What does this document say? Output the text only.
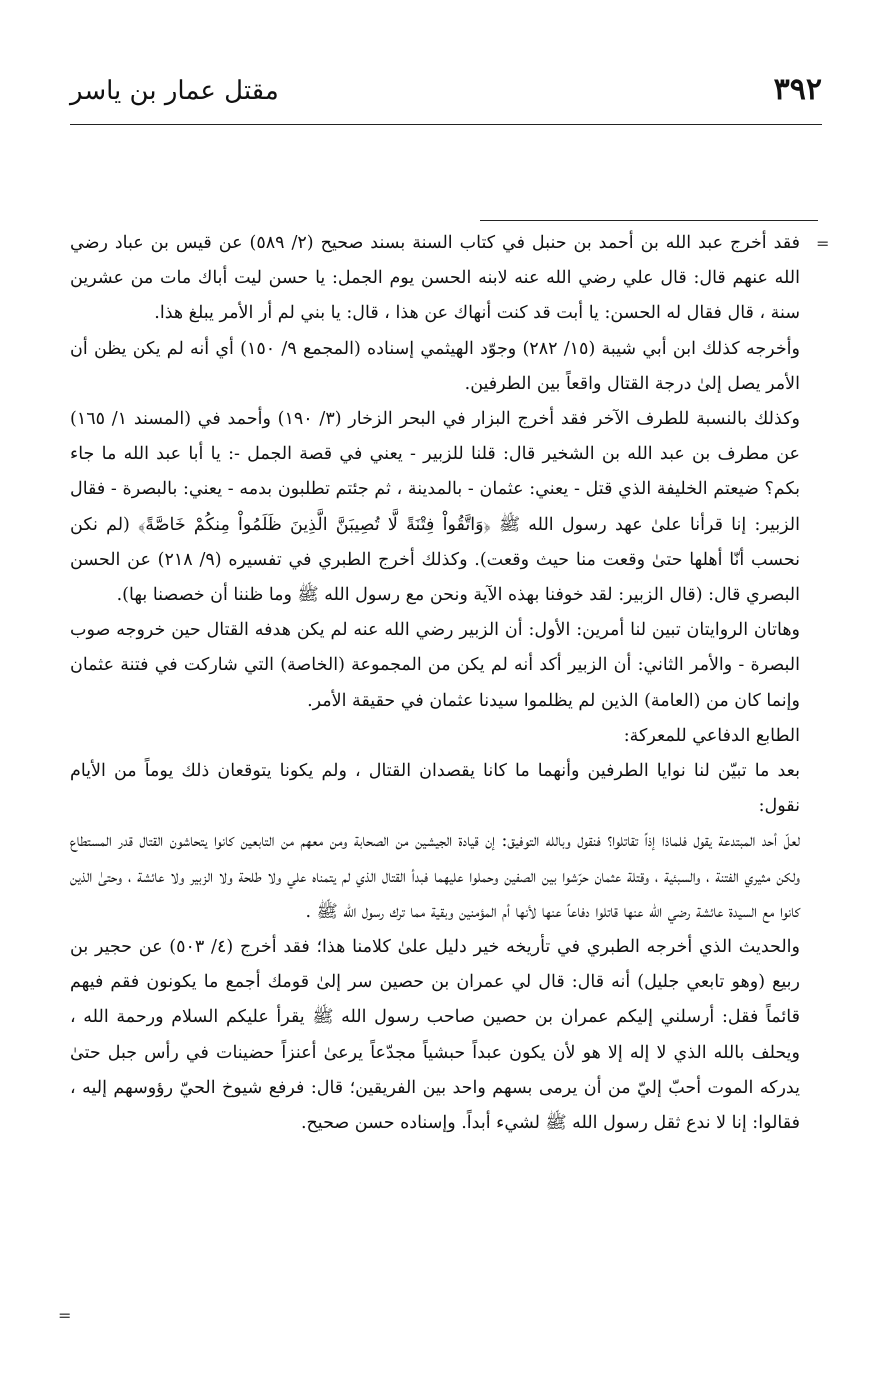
٣٩٢
مقتل عمار بن ياسر
=
=

فقد أخرج عبد الله بن أحمد بن حنبل في كتاب السنة بسند صحيح (٢/ ٥٨٩) عن قيس بن عباد رضي الله عنهم قال: قال علي رضي الله عنه لابنه الحسن يوم الجمل: يا حسن ليت أباك مات من عشرين سنة ، قال فقال له الحسن: يا أبت قد كنت أنهاك عن هذا ، قال: يا بني لم أر الأمر يبلغ هذا.

وأخرجه كذلك ابن أبي شيبة (١٥/ ٢٨٢) وجوّد الهيثمي إسناده (المجمع ٩/ ١٥٠) أي أنه لم يكن يظن أن الأمر يصل إلىٰ درجة القتال واقعاً بين الطرفين.

وكذلك بالنسبة للطرف الآخر فقد أخرج البزار في البحر الزخار (٣/ ١٩٠) وأحمد في (المسند ١/ ١٦٥) عن مطرف بن عبد الله بن الشخير قال: قلنا للزبير - يعني في قصة الجمل -: يا أبا عبد الله ما جاء بكم؟ ضيعتم الخليفة الذي قتل - يعني: عثمان - بالمدينة ، ثم جئتم تطلبون بدمه - يعني: بالبصرة - فقال الزبير: إنا قرأنا علىٰ عهد رسول الله ﷺ ﴿وَاتَّقُواْ فِتْنَةً لَّا تُصِيبَنَّ الَّذِينَ ظَلَمُواْ مِنكُمْ خَاصَّةً﴾ (لم نكن نحسب أنّا أهلها حتىٰ وقعت منا حيث وقعت). وكذلك أخرج الطبري في تفسيره (٩/ ٢١٨) عن الحسن البصري قال: (قال الزبير: لقد خوفنا بهذه الآية ونحن مع رسول الله ﷺ وما ظننا أن خصصنا بها).

وهاتان الروايتان تبين لنا أمرين: الأول: أن الزبير رضي الله عنه لم يكن هدفه القتال حين خروجه صوب البصرة - والأمر الثاني: أن الزبير أكد أنه لم يكن من المجموعة (الخاصة) التي شاركت في فتنة عثمان وإنما كان من (العامة) الذين لم يظلموا سيدنا عثمان في حقيقة الأمر.

الطابع الدفاعي للمعركة:

بعد ما تبيّن لنا نوايا الطرفين وأنهما ما كانا يقصدان القتال ، ولم يكونا يتوقعان ذلك يوماً من الأيام نقول:

لعلّ أحد المبتدعة يقول فلماذا إذاً تقاتلوا؟ فنقول وبالله التوفيق: إن قيادة الجيشين من الصحابة ومن معهم من التابعين كانوا يتحاشون القتال قدر المستطاع ولكن مثيري الفتنة ، والسبئية ، وقتلة عثمان حرّشوا بين الصفين وحملوا عليهما فبدأ القتال الذي لم يتمناه علي ولا طلحة ولا الزبير ولا عائشة ، وحتىٰ الذين كانوا مع السيدة عائشة رضي الله عنها قاتلوا دفاعاً عنها لأنها أم المؤمنين وبقية مما ترك رسول الله ﷺ .

والحديث الذي أخرجه الطبري في تأريخه خير دليل علىٰ كلامنا هذا؛ فقد أخرج (٤/ ٥٠٣) عن حجير بن ربيع (وهو تابعي جليل) أنه قال: قال لي عمران بن حصين سر إلىٰ قومك أجمع ما يكونون فقم فيهم قائماً فقل: أرسلني إليكم عمران بن حصين صاحب رسول الله ﷺ يقرأ عليكم السلام ورحمة الله ، ويحلف بالله الذي لا إله إلا هو لأن يكون عبداً حبشياً مجدّعاً يرعىٰ أعنزاً حضينات في رأس جبل حتىٰ يدركه الموت أحبّ إليّ من أن يرمى بسهم واحد بين الفريقين؛ قال: فرفع شيوخ الحيّ رؤوسهم إليه ، فقالوا: إنا لا ندع ثقل رسول الله ﷺ لشيء أبداً. وإسناده حسن صحيح.
